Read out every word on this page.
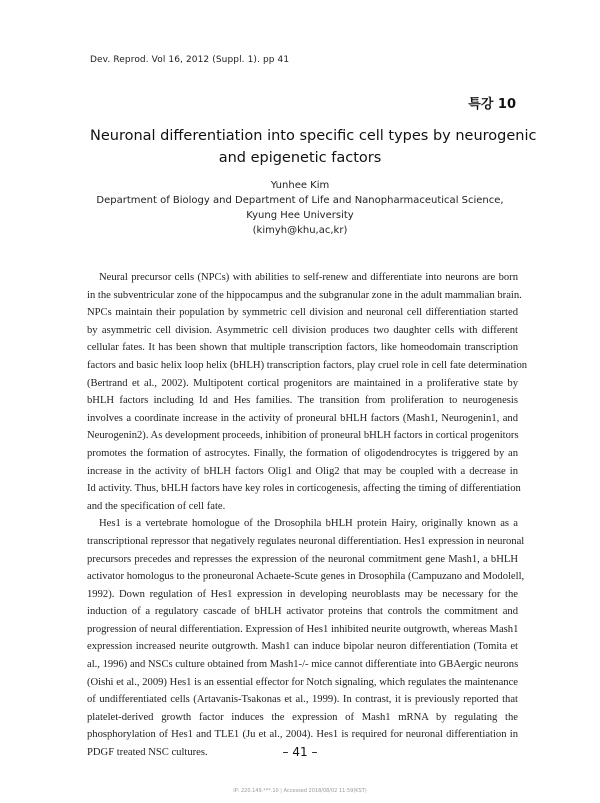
Dev. Reprod. Vol 16, 2012 (Suppl. 1). pp 41
특강 10
Neuronal differentiation into specific cell types by neurogenic
and epigenetic factors
Yunhee Kim
Department of Biology and Department of Life and Nanopharmaceutical Science,
Kyung Hee University
(kimyh@khu,ac,kr)
Neural precursor cells (NPCs) with abilities to self-renew and differentiate into neurons are born
in the subventricular zone of the hippocampus and the subgranular zone in the adult mammalian brain.
NPCs maintain their population by symmetric cell division and neuronal cell differentiation started
by asymmetric cell division. Asymmetric cell division produces two daughter cells with different
cellular fates. It has been shown that multiple transcription factors, like homeodomain transcription
factors and basic helix loop helix (bHLH) transcription factors, play cruel role in cell fate determination
(Bertrand et al., 2002). Multipotent cortical progenitors are maintained in a proliferative state by
bHLH factors including Id and Hes families. The transition from proliferation to neurogenesis
involves a coordinate increase in the activity of proneural bHLH factors (Mash1, Neurogenin1, and
Neurogenin2). As development proceeds, inhibition of proneural bHLH factors in cortical progenitors
promotes the formation of astrocytes. Finally, the formation of oligodendrocytes is triggered by an
increase in the activity of bHLH factors Olig1 and Olig2 that may be coupled with a decrease in
Id activity. Thus, bHLH factors have key roles in corticogenesis, affecting the timing of differentiation
and the specification of cell fate.
Hes1 is a vertebrate homologue of the Drosophila bHLH protein Hairy, originally known as a
transcriptional repressor that negatively regulates neuronal differentiation. Hes1 expression in neuronal
precursors precedes and represses the expression of the neuronal commitment gene Mash1, a bHLH
activator homologus to the proneuronal Achaete-Scute genes in Drosophila (Campuzano and Modolell,
1992). Down regulation of Hes1 expression in developing neuroblasts may be necessary for the
induction of a regulatory cascade of bHLH activator proteins that controls the commitment and
progression of neural differentiation. Expression of Hes1 inhibited neurite outgrowth, whereas Mash1
expression increased neurite outgrowth. Mash1 can induce bipolar neuron differentiation (Tomita et
al., 1996) and NSCs culture obtained from Mash1-/- mice cannot differentiate into GBAergic neurons
(Oishi et al., 2009) Hes1 is an essential effector for Notch signaling, which regulates the maintenance
of undifferentiated cells (Artavanis-Tsakonas et al., 1999). In contrast, it is previously reported that
platelet-derived growth factor induces the expression of Mash1 mRNA by regulating the
phosphorylation of Hes1 and TLE1 (Ju et al., 2004). Hes1 is required for neuronal differentiation in
PDGF treated NSC cultures.	– 41 –
IP: 220.149.***.10 | Accessed 2018/08/02 11:59(KST)
